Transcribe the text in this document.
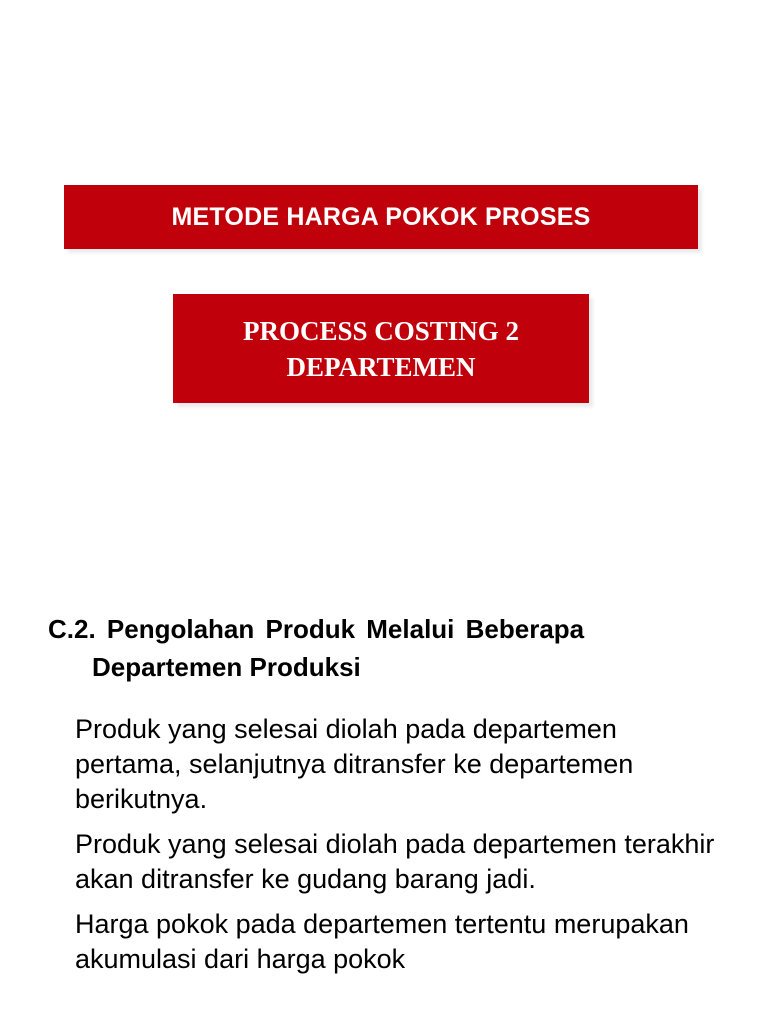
METODE HARGA POKOK PROSES
PROCESS COSTING 2
DEPARTEMEN
C.2. Pengolahan Produk Melalui Beberapa
Departemen Produksi

Produk yang selesai diolah pada departemen pertama, selanjutnya ditransfer ke departemen berikutnya.

Produk yang selesai diolah pada departemen terakhir akan ditransfer ke gudang barang jadi.

Harga pokok pada departemen tertentu merupakan akumulasi dari harga pokok
